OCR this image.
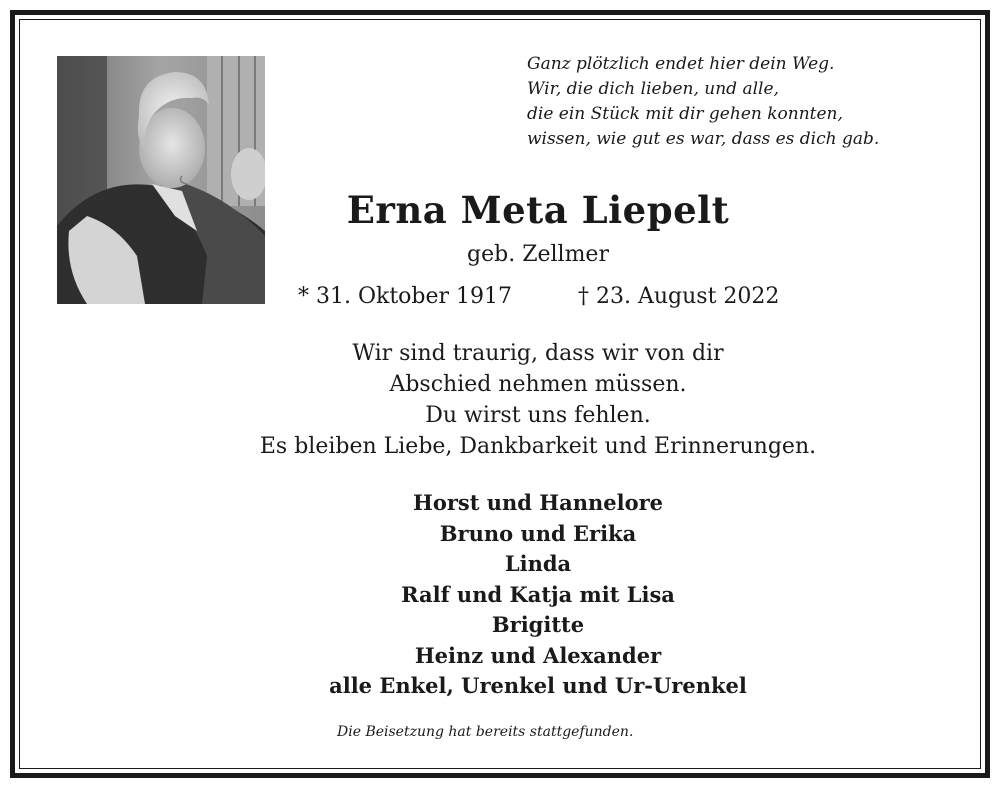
Ganz plötzlich endet hier dein Weg.
Wir, die dich lieben, und alle,
die ein Stück mit dir gehen konnten,
wissen, wie gut es war, dass es dich gab.
Erna Meta Liepelt
geb. Zellmer
* 31. Oktober 1917	† 23. August 2022
Wir sind traurig, dass wir von dir
Abschied nehmen müssen.
Du wirst uns fehlen.
Es bleiben Liebe, Dankbarkeit und Erinnerungen.
Horst und Hannelore
Bruno und Erika
Linda
Ralf und Katja mit Lisa
Brigitte
Heinz und Alexander
alle Enkel, Urenkel und Ur-Urenkel
Die Beisetzung hat bereits stattgefunden.
